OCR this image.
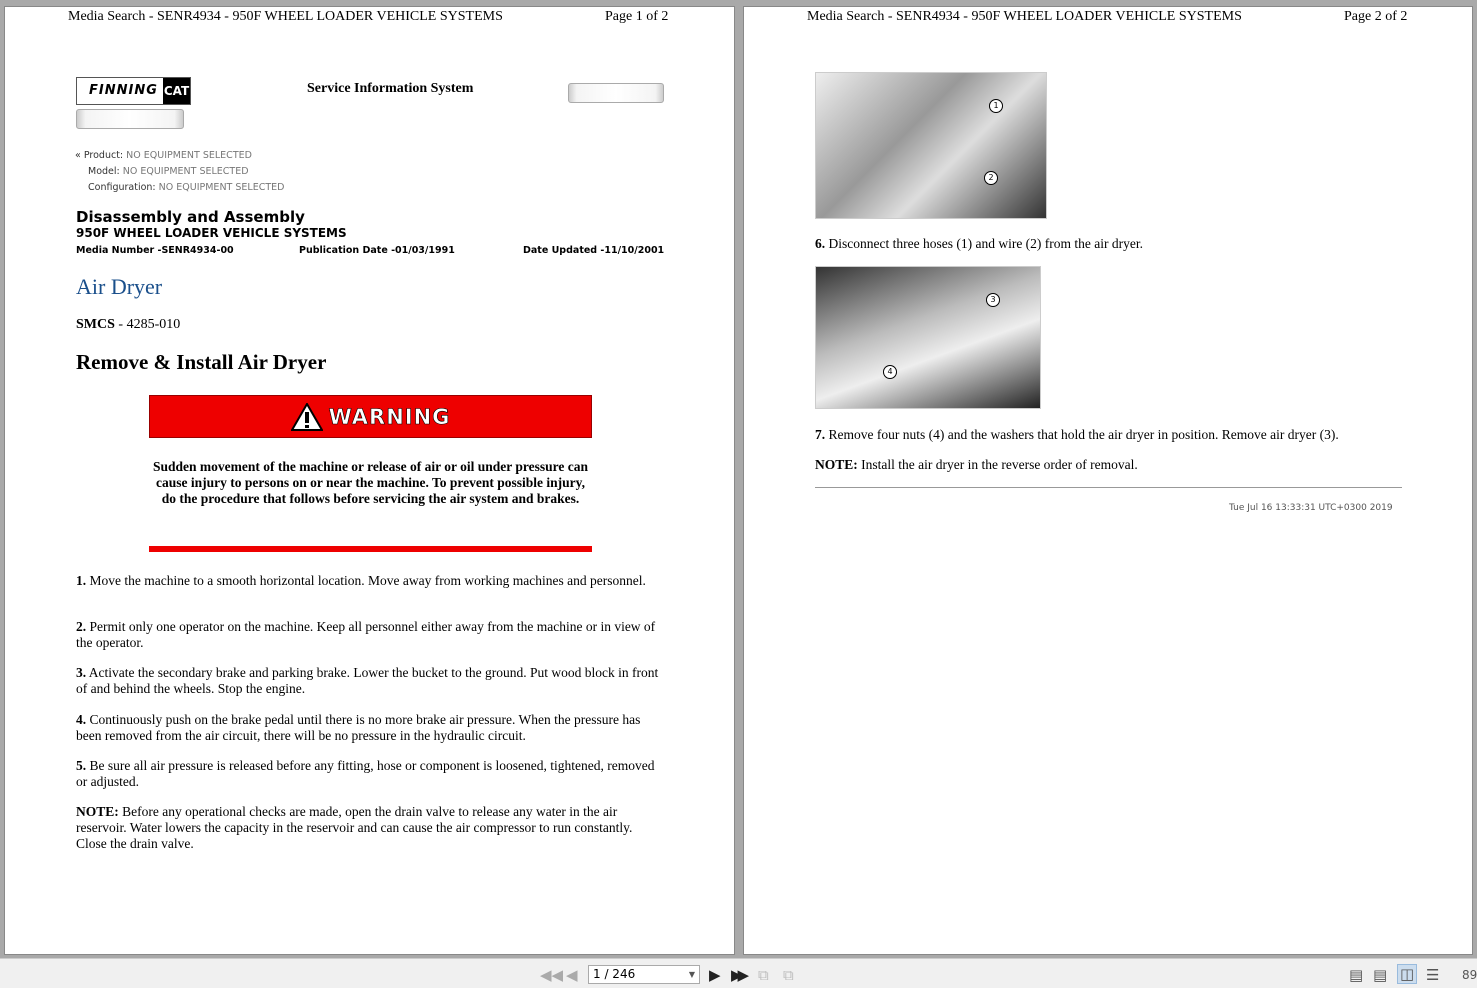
Media Search - SENR4934 - 950F WHEEL LOADER VEHICLE SYSTEMS	Page 1 of 2
FINNING CAT	Service Information System
« Product: NO EQUIPMENT SELECTED
Model: NO EQUIPMENT SELECTED
Configuration: NO EQUIPMENT SELECTED
Disassembly and Assembly
950F WHEEL LOADER VEHICLE SYSTEMS
Media Number -SENR4934-00	Publication Date -01/03/1991	Date Updated -11/10/2001
Air Dryer
SMCS - 4285-010
Remove & Install Air Dryer
WARNING
Sudden movement of the machine or release of air or oil under pressure can cause injury to persons on or near the machine. To prevent possible injury, do the procedure that follows before servicing the air system and brakes.

1. Move the machine to a smooth horizontal location. Move away from working machines and personnel.

2. Permit only one operator on the machine. Keep all personnel either away from the machine or in view of the operator.

3. Activate the secondary brake and parking brake. Lower the bucket to the ground. Put wood block in front of and behind the wheels. Stop the engine.

4. Continuously push on the brake pedal until there is no more brake air pressure. When the pressure has been removed from the air circuit, there will be no pressure in the hydraulic circuit.

5. Be sure all air pressure is released before any fitting, hose or component is loosened, tightened, removed or adjusted.

NOTE: Before any operational checks are made, open the drain valve to release any water in the air reservoir. Water lowers the capacity in the reservoir and can cause the air compressor to run constantly. Close the drain valve.

Media Search - SENR4934 - 950F WHEEL LOADER VEHICLE SYSTEMS	Page 2 of 2
1
2

6. Disconnect three hoses (1) and wire (2) from the air dryer.

3
4

7. Remove four nuts (4) and the washers that hold the air dryer in position. Remove air dryer (3).

NOTE: Install the air dryer in the reverse order of removal.

Tue Jul 16 13:33:31 UTC+0300 2019
◀◀ ◀	1 / 246	▼ ▶ ▶▶ ⧉ ⧉	▤ ▤ ◫ ☰ 89
